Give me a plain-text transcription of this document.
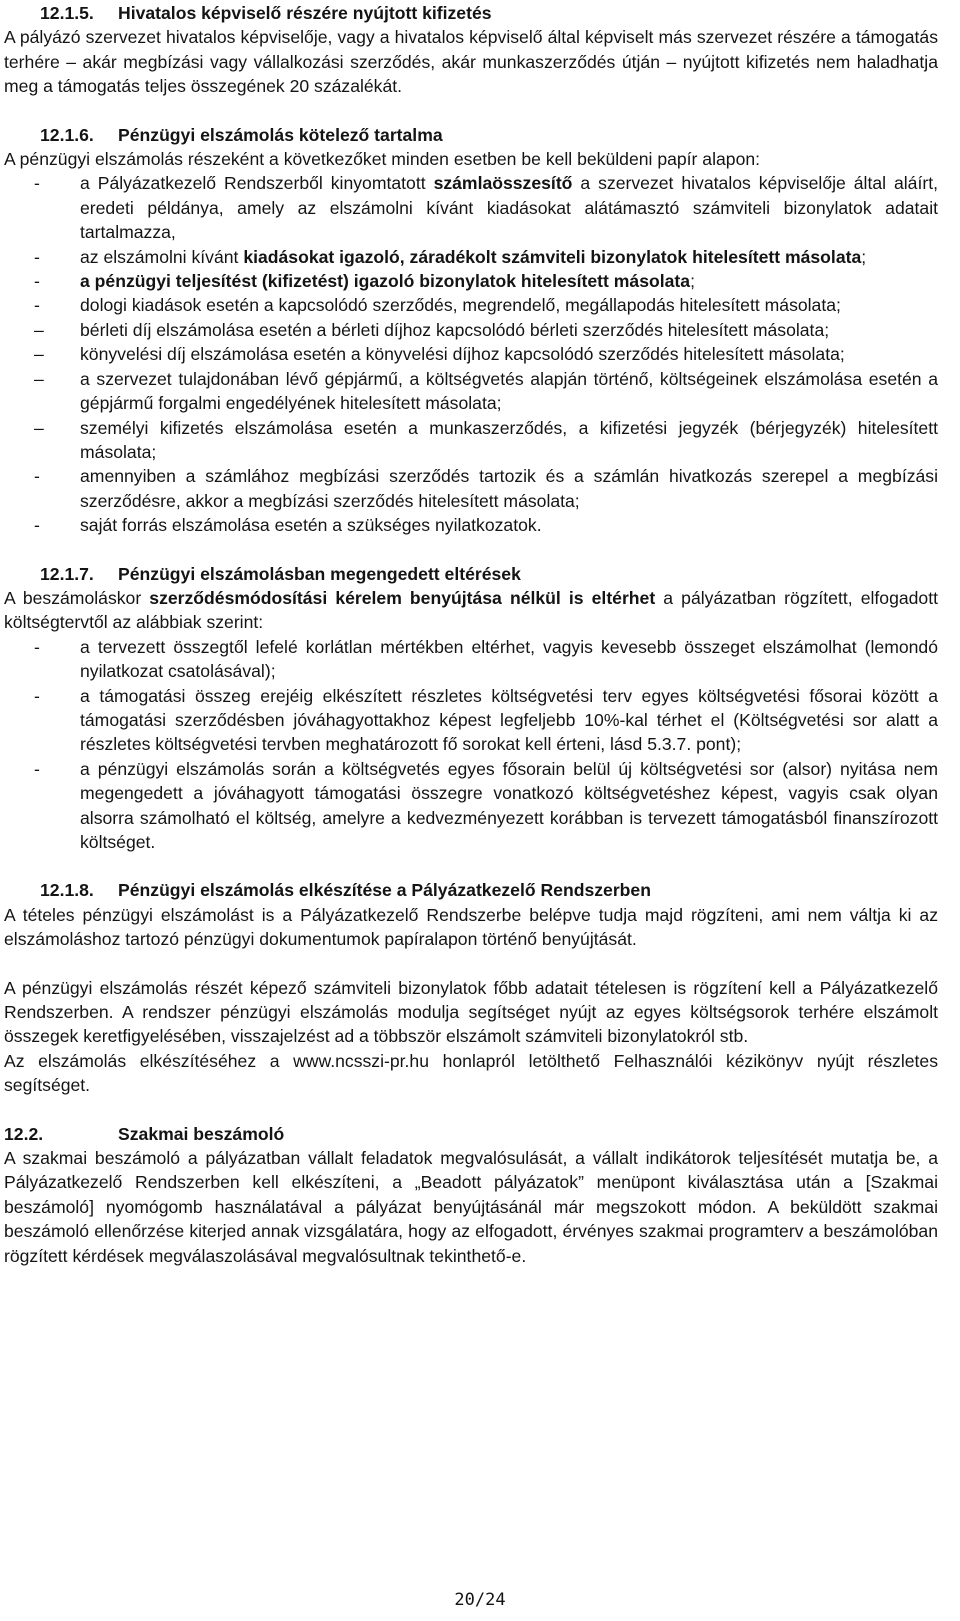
12.1.5. Hivatalos képviselő részére nyújtott kifizetés

A pályázó szervezet hivatalos képviselője, vagy a hivatalos képviselő által képviselt más szervezet részére a támogatás terhére – akár megbízási vagy vállalkozási szerződés, akár munkaszerződés útján – nyújtott kifizetés nem haladhatja meg a támogatás teljes összegének 20 százalékát.

12.1.6. Pénzügyi elszámolás kötelező tartalma

A pénzügyi elszámolás részeként a következőket minden esetben be kell beküldeni papír alapon:

-	a Pályázatkezelő Rendszerből kinyomtatott számlaösszesítő a szervezet hivatalos képviselője által aláírt, eredeti példánya, amely az elszámolni kívánt kiadásokat alátámasztó számviteli bizonylatok adatait tartalmazza,
-	az elszámolni kívánt kiadásokat igazoló, záradékolt számviteli bizonylatok hitelesített másolata;
-	a pénzügyi teljesítést (kifizetést) igazoló bizonylatok hitelesített másolata;
-	dologi kiadások esetén a kapcsolódó szerződés, megrendelő, megállapodás hitelesített másolata;
–	bérleti díj elszámolása esetén a bérleti díjhoz kapcsolódó bérleti szerződés hitelesített másolata;
–	könyvelési díj elszámolása esetén a könyvelési díjhoz kapcsolódó szerződés hitelesített másolata;
–	a szervezet tulajdonában lévő gépjármű, a költségvetés alapján történő, költségeinek elszámolása esetén a gépjármű forgalmi engedélyének hitelesített másolata;
–	személyi kifizetés elszámolása esetén a munkaszerződés, a kifizetési jegyzék (bérjegyzék) hitelesített másolata;
-	amennyiben a számlához megbízási szerződés tartozik és a számlán hivatkozás szerepel a megbízási szerződésre, akkor a megbízási szerződés hitelesített másolata;
-	saját forrás elszámolása esetén a szükséges nyilatkozatok.
12.1.7. Pénzügyi elszámolásban megengedett eltérések

A beszámoláskor szerződésmódosítási kérelem benyújtása nélkül is eltérhet a pályázatban rögzített, elfogadott költségtervtől az alábbiak szerint:

-	a tervezett összegtől lefelé korlátlan mértékben eltérhet, vagyis kevesebb összeget elszámolhat (lemondó nyilatkozat csatolásával);
-	a támogatási összeg erejéig elkészített részletes költségvetési terv egyes költségvetési fősorai között a támogatási szerződésben jóváhagyottakhoz képest legfeljebb 10%-kal térhet el (Költségvetési sor alatt a részletes költségvetési tervben meghatározott fő sorokat kell érteni, lásd 5.3.7. pont);
-	a pénzügyi elszámolás során a költségvetés egyes fősorain belül új költségvetési sor (alsor) nyitása nem megengedett a jóváhagyott támogatási összegre vonatkozó költségvetéshez képest, vagyis csak olyan alsorra számolható el költség, amelyre a kedvezményezett korábban is tervezett támogatásból finanszírozott költséget.
12.1.8. Pénzügyi elszámolás elkészítése a Pályázatkezelő Rendszerben

A tételes pénzügyi elszámolást is a Pályázatkezelő Rendszerbe belépve tudja majd rögzíteni, ami nem váltja ki az elszámoláshoz tartozó pénzügyi dokumentumok papíralapon történő benyújtását.

A pénzügyi elszámolás részét képező számviteli bizonylatok főbb adatait tételesen is rögzítení kell a Pályázatkezelő Rendszerben. A rendszer pénzügyi elszámolás modulja segítséget nyújt az egyes költségsorok terhére elszámolt összegek keretfigyelésében, visszajelzést ad a többször elszámolt számviteli bizonylatokról stb.

Az elszámolás elkészítéséhez a www.ncsszi-pr.hu honlapról letölthető Felhasználói kézikönyv nyújt részletes segítséget.

12.2.	Szakmai beszámoló

A szakmai beszámoló a pályázatban vállalt feladatok megvalósulását, a vállalt indikátorok teljesítését mutatja be, a Pályázatkezelő Rendszerben kell elkészíteni, a „Beadott pályázatok” menüpont kiválasztása után a [Szakmai beszámoló] nyomógomb használatával a pályázat benyújtásánál már megszokott módon. A beküldött szakmai beszámoló ellenőrzése kiterjed annak vizsgálatára, hogy az elfogadott, érvényes szakmai programterv a beszámolóban rögzített kérdések megválaszolásával megvalósultnak tekinthető-e.

20/24
